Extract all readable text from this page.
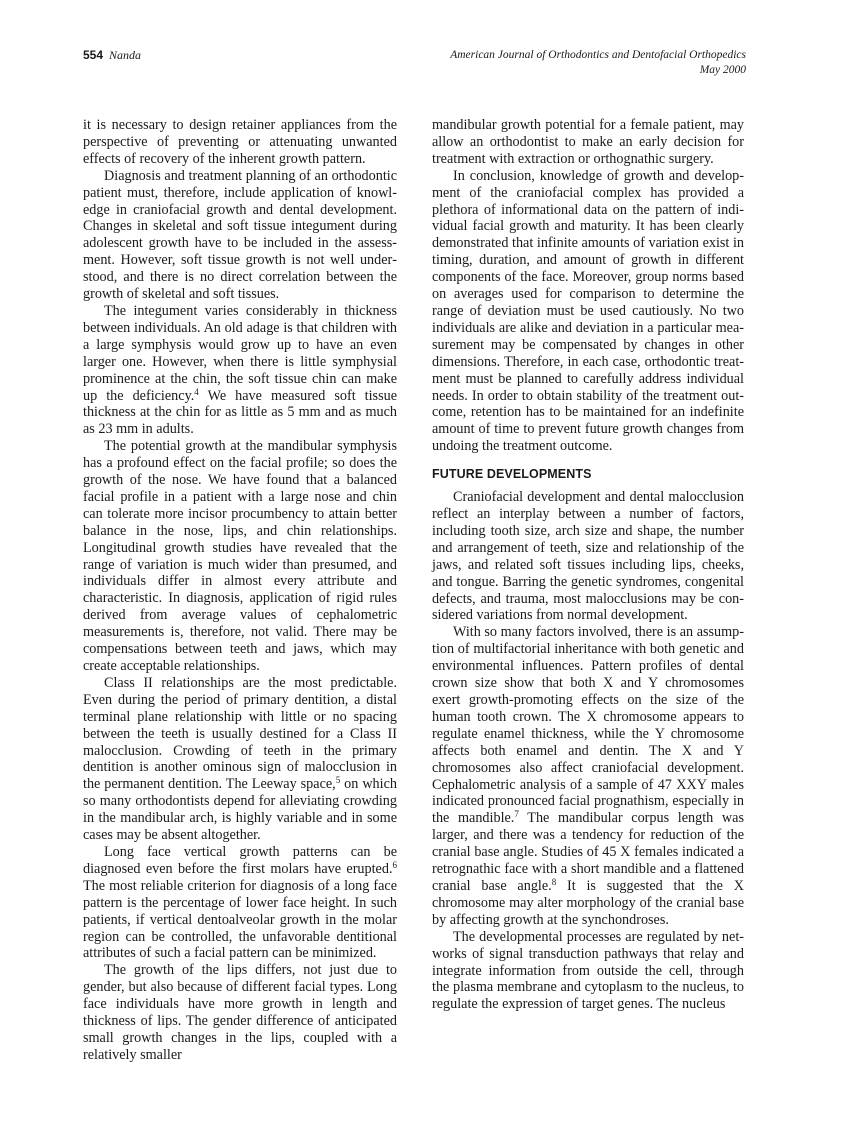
554 Nanda	American Journal of Orthodontics and Dentofacial Orthopedics
May 2000

it is necessary to design retainer appliances from the perspective of preventing or attenuating unwanted effects of recovery of the inherent growth pattern.

Diagnosis and treatment planning of an orthodontic patient must, therefore, include application of knowledge in craniofacial growth and dental development. Changes in skeletal and soft tissue integument during adolescent growth have to be included in the assessment. However, soft tissue growth is not well understood, and there is no direct correlation between the growth of skeletal and soft tissues.

The integument varies considerably in thickness between individuals. An old adage is that children with a large symphysis would grow up to have an even larger one. However, when there is little symphysial prominence at the chin, the soft tissue chin can make up the deficiency.$^4$ We have measured soft tissue thickness at the chin for as little as 5 mm and as much as 23 mm in adults.

The potential growth at the mandibular symphysis has a profound effect on the facial profile; so does the growth of the nose. We have found that a balanced facial profile in a patient with a large nose and chin can tolerate more incisor procumbency to attain better balance in the nose, lips, and chin relationships. Longitudinal growth studies have revealed that the range of variation is much wider than presumed, and individuals differ in almost every attribute and characteristic. In diagnosis, application of rigid rules derived from average values of cephalometric measurements is, therefore, not valid. There may be compensations between teeth and jaws, which may create acceptable relationships.

Class II relationships are the most predictable. Even during the period of primary dentition, a distal terminal plane relationship with little or no spacing between the teeth is usually destined for a Class II malocclusion. Crowding of teeth in the primary dentition is another ominous sign of malocclusion in the permanent dentition. The Leeway space,$^5$ on which so many orthodontists depend for alleviating crowding in the mandibular arch, is highly variable and in some cases may be absent altogether.

Long face vertical growth patterns can be diagnosed even before the first molars have erupted.$^6$ The most reliable criterion for diagnosis of a long face pattern is the percentage of lower face height. In such patients, if vertical dentoalveolar growth in the molar region can be controlled, the unfavorable dentitional attributes of such a facial pattern can be minimized.

The growth of the lips differs, not just due to gender, but also because of different facial types. Long face individuals have more growth in length and thickness of lips. The gender difference of anticipated small growth changes in the lips, coupled with a relatively smaller

mandibular growth potential for a female patient, may allow an orthodontist to make an early decision for treatment with extraction or orthognathic surgery.

In conclusion, knowledge of growth and development of the craniofacial complex has provided a plethora of informational data on the pattern of individual facial growth and maturity. It has been clearly demonstrated that infinite amounts of variation exist in timing, duration, and amount of growth in different components of the face. Moreover, group norms based on averages used for comparison to determine the range of deviation must be used cautiously. No two individuals are alike and deviation in a particular measurement may be compensated by changes in other dimensions. Therefore, in each case, orthodontic treatment must be planned to carefully address individual needs. In order to obtain stability of the treatment outcome, retention has to be maintained for an indefinite amount of time to prevent future growth changes from undoing the treatment outcome.

FUTURE DEVELOPMENTS

Craniofacial development and dental malocclusion reflect an interplay between a number of factors, including tooth size, arch size and shape, the number and arrangement of teeth, size and relationship of the jaws, and related soft tissues including lips, cheeks, and tongue. Barring the genetic syndromes, congenital defects, and trauma, most malocclusions may be considered variations from normal development.

With so many factors involved, there is an assumption of multifactorial inheritance with both genetic and environmental influences. Pattern profiles of dental crown size show that both X and Y chromosomes exert growth-promoting effects on the size of the human tooth crown. The X chromosome appears to regulate enamel thickness, while the Y chromosome affects both enamel and dentin. The X and Y chromosomes also affect craniofacial development. Cephalometric analysis of a sample of 47 XXY males indicated pronounced facial prognathism, especially in the mandible.$^7$ The mandibular corpus length was larger, and there was a tendency for reduction of the cranial base angle. Studies of 45 X females indicated a retrognathic face with a short mandible and a flattened cranial base angle.$^8$ It is suggested that the X chromosome may alter morphology of the cranial base by affecting growth at the synchondroses.

The developmental processes are regulated by networks of signal transduction pathways that relay and integrate information from outside the cell, through the plasma membrane and cytoplasm to the nucleus, to regulate the expression of target genes. The nucleus
